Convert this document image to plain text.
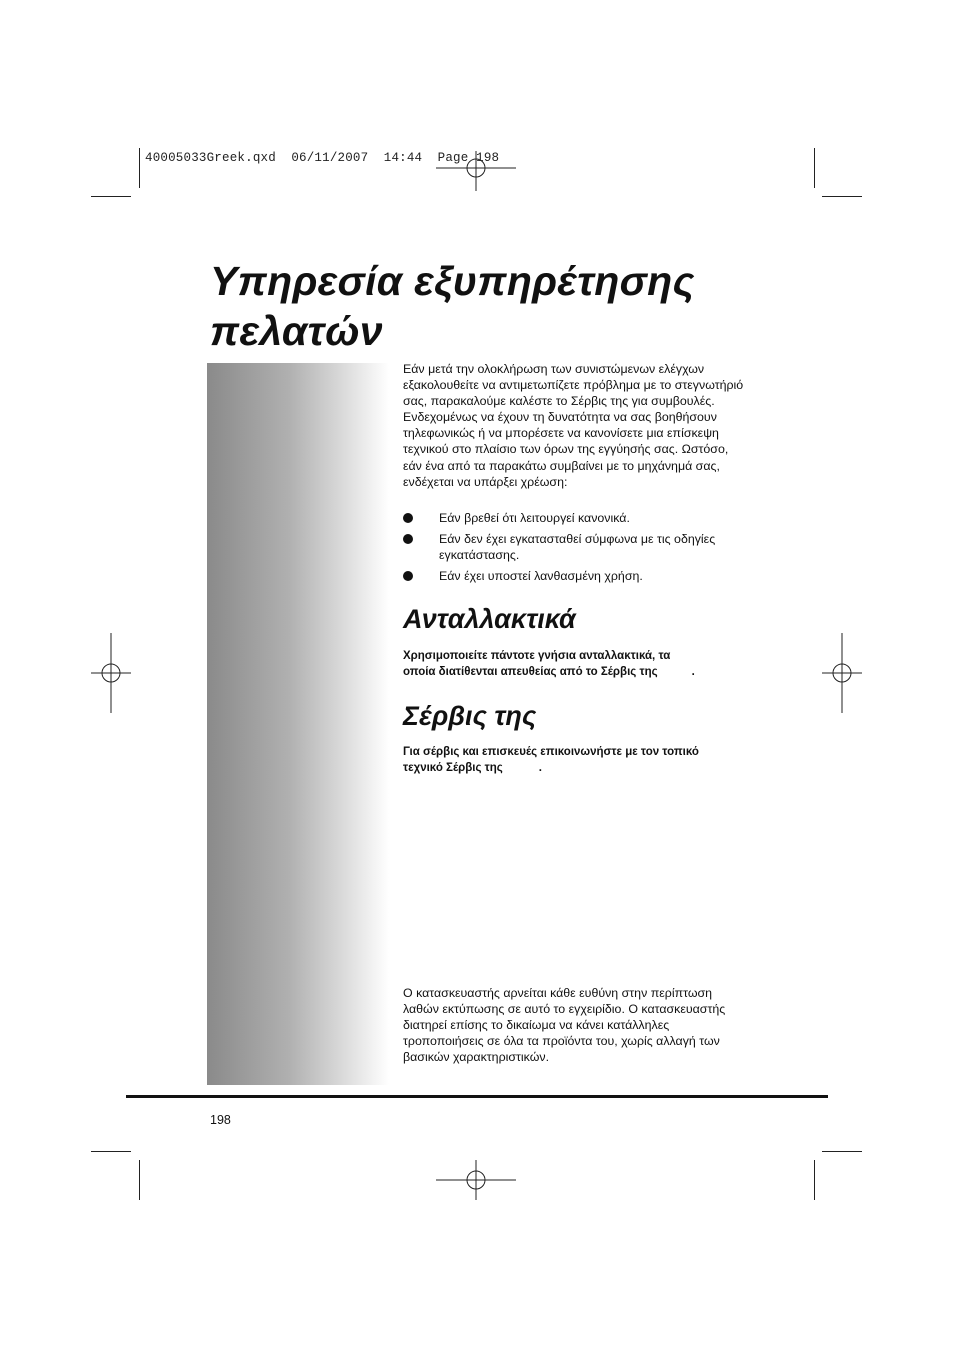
40005033Greek.qxd  06/11/2007  14:44  Page 198
Υπηρεσία εξυπηρέτησης
πελατών

Εάν μετά την ολοκλήρωση των συνιστώμενων ελέγχων εξακολουθείτε να αντιμετωπίζετε πρόβλημα με το στεγνωτήριό σας, παρακαλούμε καλέστε το Σέρβις της για συμβουλές. Ενδεχομένως να έχουν τη δυνατότητα να σας βοηθήσουν τηλεφωνικώς ή να μπορέσετε να κανονίσετε μια επίσκεψη τεχνικού στο πλαίσιο των όρων της εγγύησής σας. Ωστόσο, εάν ένα από τα παρακάτω συμβαίνει με το μηχάνημά σας, ενδέχεται να υπάρξει χρέωση:

Εάν βρεθεί ότι λειτουργεί κανονικά.
Εάν δεν έχει εγκατασταθεί σύμφωνα με τις οδηγίες εγκατάστασης.
Εάν έχει υποστεί λανθασμένη χρήση.
Ανταλλακτικά

Χρησιμοποιείτε πάντοτε γνήσια ανταλλακτικά, τα
οποία διατίθενται απευθείας από το Σέρβις της	.

Σέρβις της

Για σέρβις και επισκευές επικοινωνήστε με τον τοπικό
τεχνικό Σέρβις της	.

Ο κατασκευαστής αρνείται κάθε ευθύνη στην περίπτωση λαθών εκτύπωσης σε αυτό το εγχειρίδιο. Ο κατασκευαστής διατηρεί επίσης το δικαίωμα να κάνει κατάλληλες τροποποιήσεις σε όλα τα προϊόντα του, χωρίς αλλαγή των βασικών χαρακτηριστικών.

198
